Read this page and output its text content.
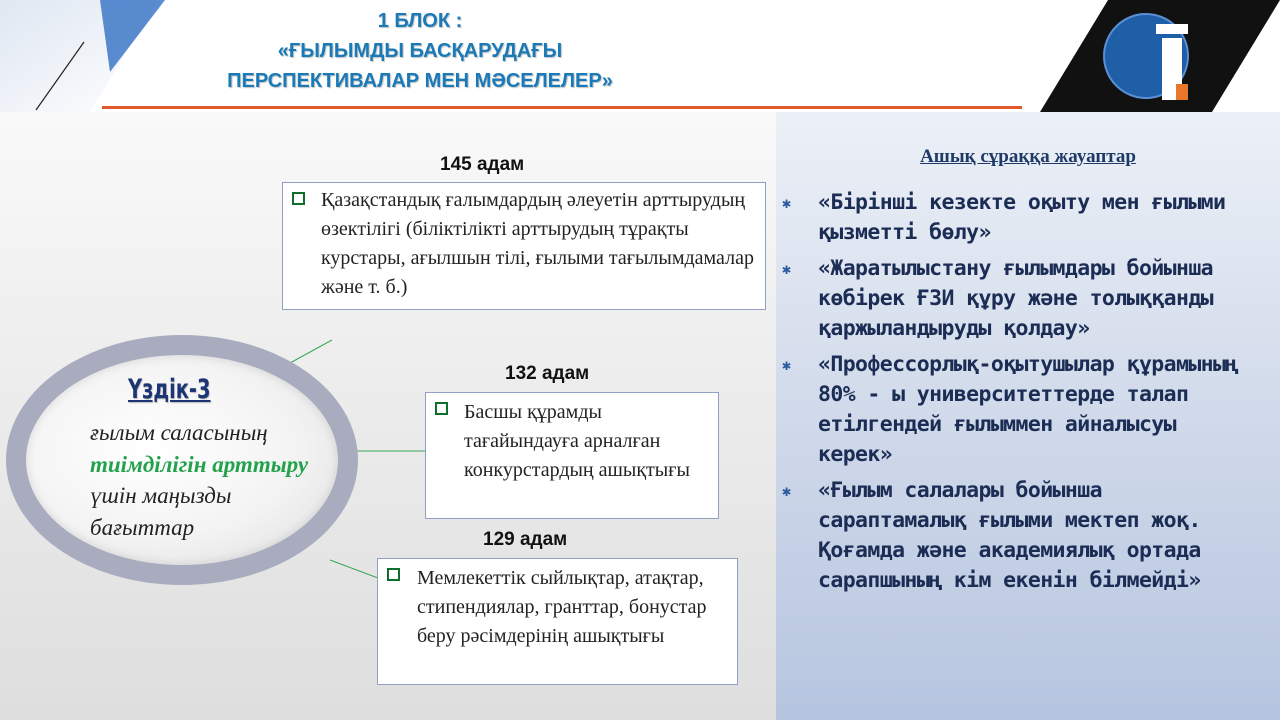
Ашық сұраққа жауаптар
✱ «Бірінші кезекте оқыту мен ғылыми қызметті бөлу»
✱ «Жаратылыстану ғылымдары бойынша көбірек ҒЗИ құру және толыққанды қаржыландыруды қолдау»
✱ «Профессорлық-оқытушылар құрамының 80% - ы университеттерде талап етілгендей ғылыммен айналысуы керек»
✱ «Ғылым салалары бойынша сараптамалық ғылыми мектеп жоқ. Қоғамда және академиялық ортада сарапшының кім екенін білмейді»
1 БЛОК :
«ҒЫЛЫМДЫ БАСҚАРУДАҒЫ
ПЕРСПЕКТИВАЛАР МЕН МӘСЕЛЕЛЕР»
Үздік-3
ғылым саласының тиімділігін арттыру үшін маңызды бағыттар
145 адам
Қазақстандық ғалымдардың әлеуетін арттырудың өзектілігі (біліктілікті арттырудың тұрақты курстары, ағылшын тілі, ғылыми тағылымдамалар және т. б.)
132 адам
Басшы құрамды тағайындауға арналған конкурстардың ашықтығы
129 адам
Мемлекеттік сыйлықтар, атақтар, стипендиялар, гранттар, бонустар беру рәсімдерінің ашықтығы
